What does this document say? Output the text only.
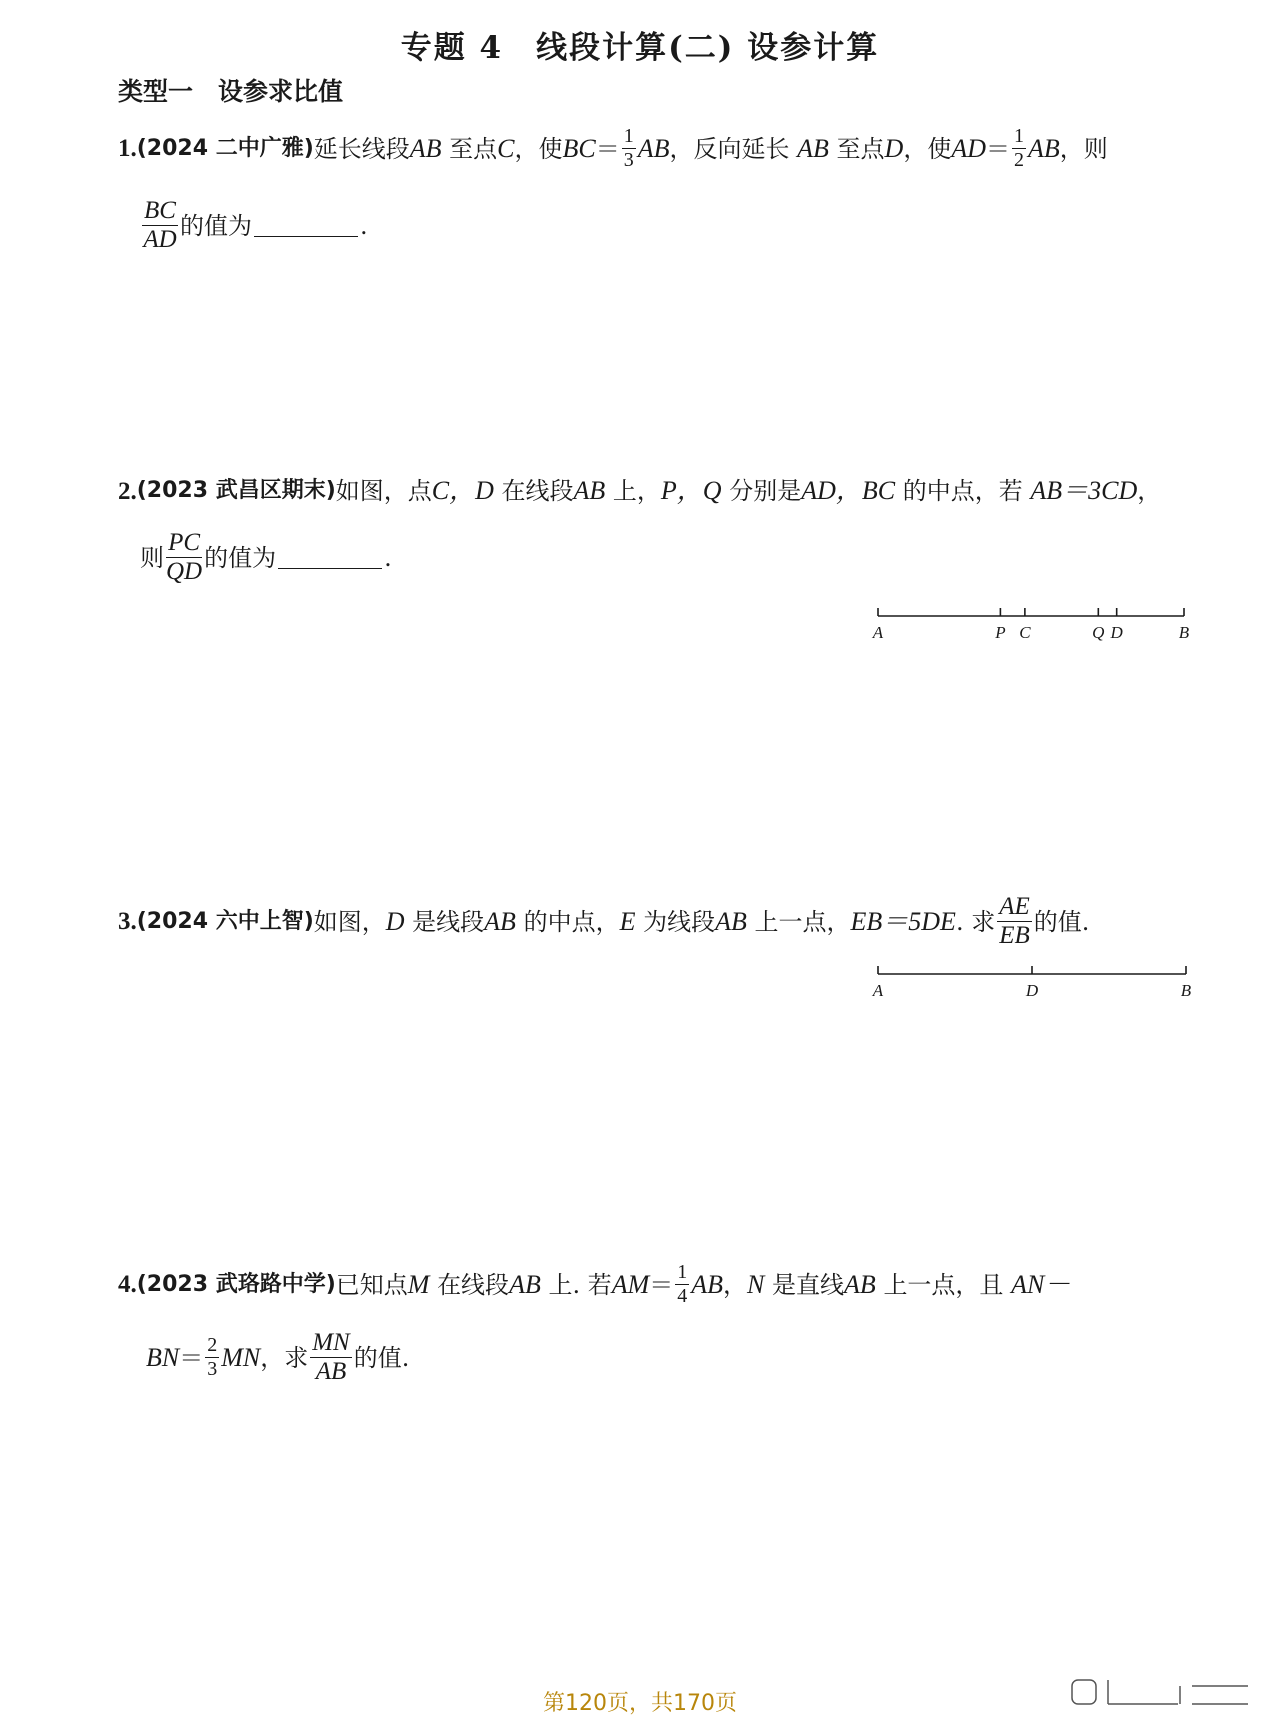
专题 4　线段计算(二) 设参计算
类型一　设参求比值
1. (2024 二中广雅) 延长线段 AB
至点 C ，使 BC ＝ $\frac{1}{3}$ AB ，反向延长
AB
至点 D ，使 AD ＝ $\frac{1}{2}$ AB ，则
$\frac{BC}{AD}$ 的值为	.
2. (2023 武昌区期末) 如图，点 C，D
在线段 AB
上， P，Q
分别是 AD，BC
的中点，若
AB＝3CD ，
则 $\frac{PC}{QD}$ 的值为	.
A	P C	Q D	B
3. (2024 六中上智) 如图， D
是线段 AB
的中点， E
为线段 AB
上一点， EB＝5DE . 求 $\frac{AE}{EB}$ 的值.
A	D	B
4. (2023 武珞路中学) 已知点 M
在线段 AB
上. 若 AM ＝ $\frac{1}{4}$ AB ， N
是直线 AB
上一点，且
AN－
BN ＝ $\frac{2}{3}$ MN ，求 $\frac{MN}{AB}$ 的值.
第120页，共170页
